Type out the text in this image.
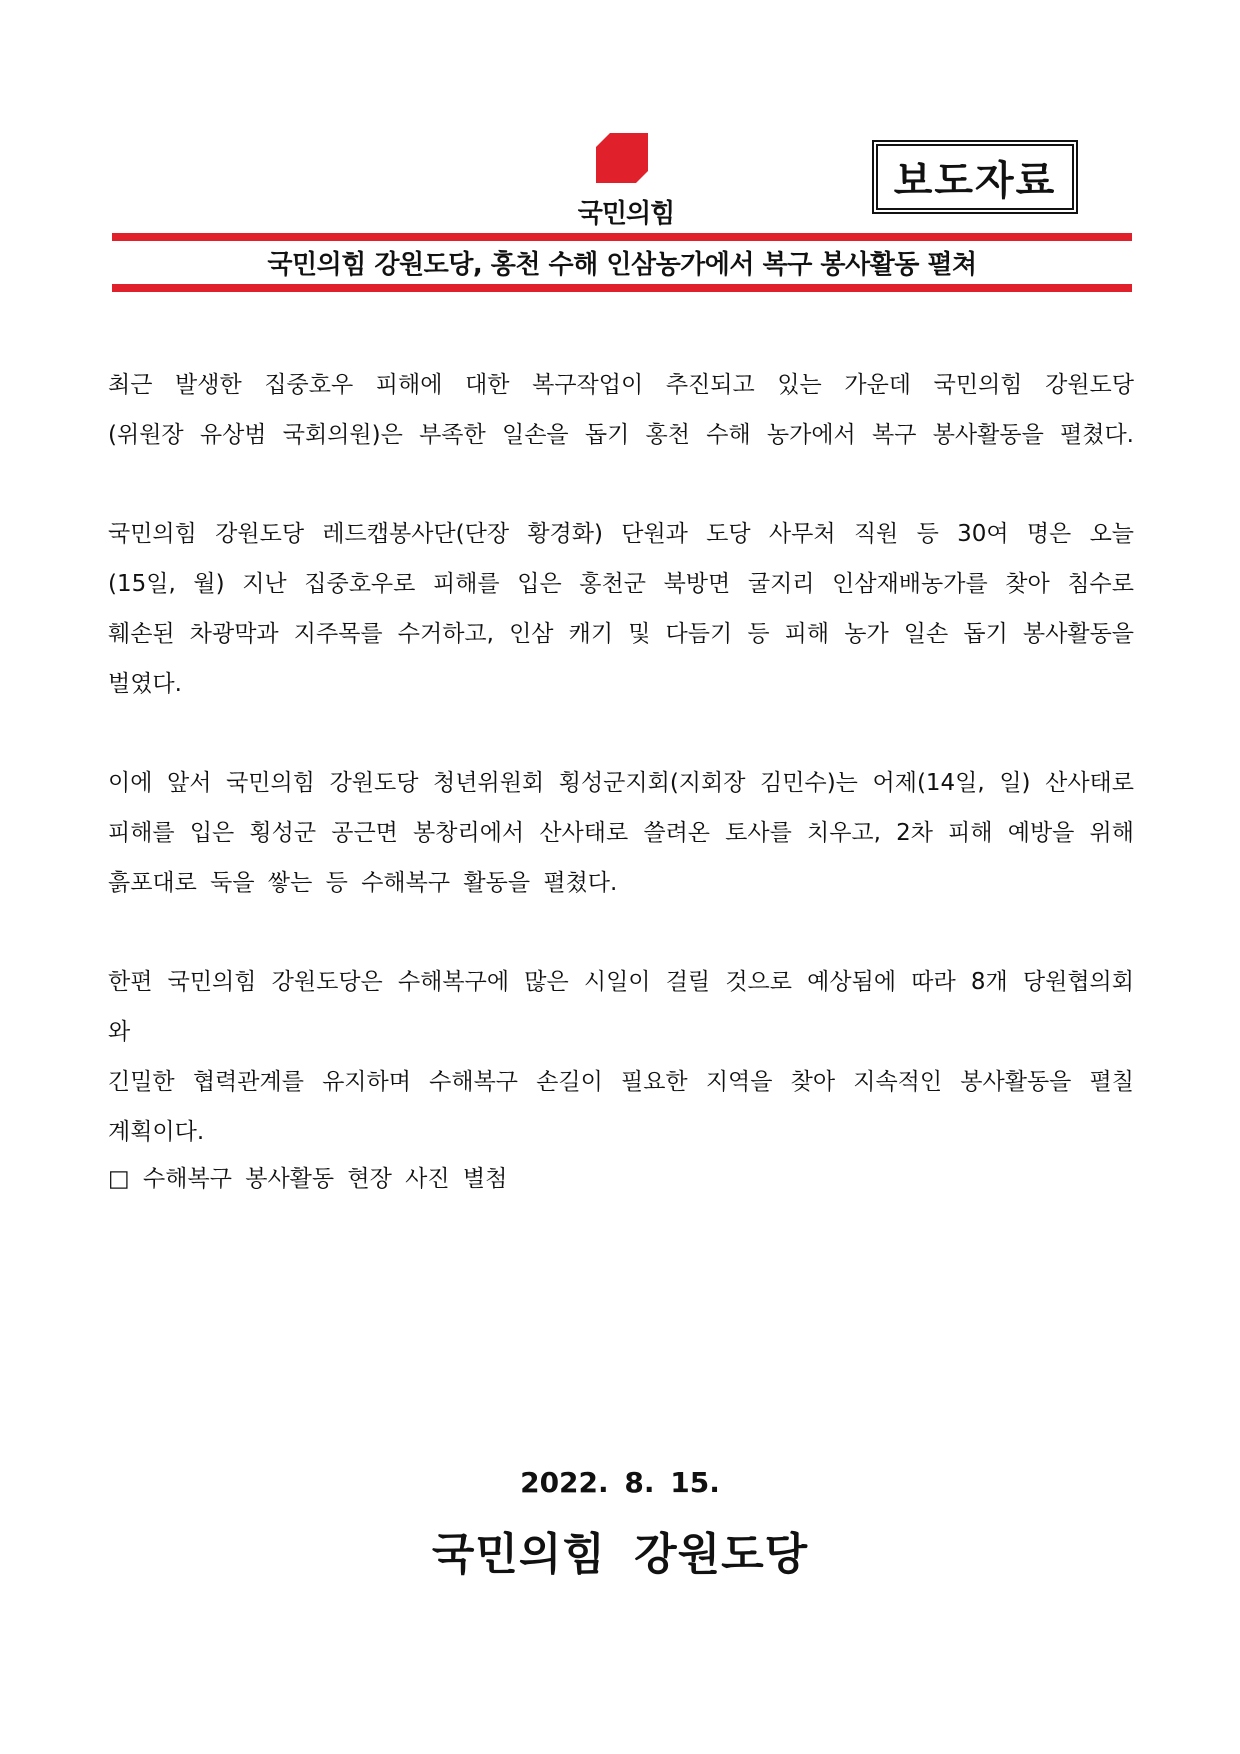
국민의힘
보도자료
국민의힘 강원도당, 홍천 수해 인삼농가에서 복구 봉사활동 펼쳐

최근 발생한 집중호우 피해에 대한 복구작업이 추진되고 있는 가운데 국민의힘 강원도당
(위원장 유상범 국회의원)은 부족한 일손을 돕기 홍천 수해 농가에서 복구 봉사활동을 펼쳤다.

국민의힘 강원도당 레드캡봉사단(단장 황경화) 단원과 도당 사무처 직원 등 30여 명은 오늘
(15일, 월) 지난 집중호우로 피해를 입은 홍천군 북방면 굴지리 인삼재배농가를 찾아 침수로
훼손된 차광막과 지주목를 수거하고, 인삼 캐기 및 다듬기 등 피해 농가 일손 돕기 봉사활동을
벌였다.

이에 앞서 국민의힘 강원도당 청년위원회 횡성군지회(지회장 김민수)는 어제(14일, 일) 산사태로
피해를 입은 횡성군 공근면 봉창리에서 산사태로 쓸려온 토사를 치우고, 2차 피해 예방을 위해
흙포대로 둑을 쌓는 등 수해복구 활동을 펼쳤다.

한편 국민의힘 강원도당은 수해복구에 많은 시일이 걸릴 것으로 예상됨에 따라 8개 당원협의회와
긴밀한 협력관계를 유지하며 수해복구 손길이 필요한 지역을 찾아 지속적인 봉사활동을 펼칠
계획이다.

□ 수해복구 봉사활동 현장 사진 별첨
2022. 8. 15.
국민의힘 강원도당
